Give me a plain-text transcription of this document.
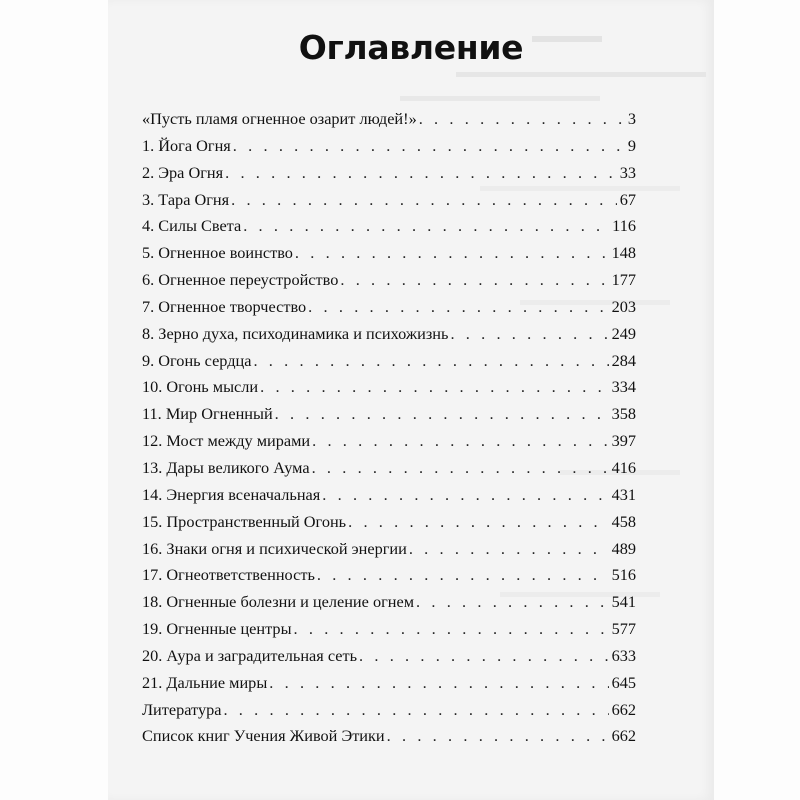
Оглавление
«Пусть пламя огненное озарит людей!» . . .	3
1. Йога Огня . . .	9
2. Эра Огня . . .	33
3. Тара Огня . . .	67
4. Силы Света . . .	116
5. Огненное воинство . . .	148
6. Огненное переустройство . . .	177
7. Огненное творчество . . .	203
8. Зерно духа, психодинамика и психожизнь . . .	249
9. Огонь сердца . . .	284
10. Огонь мысли . . .	334
11. Мир Огненный . . .	358
12. Мост между мирами . . .	397
13. Дары великого Аума . . .	416
14. Энергия всеначальная . . .	431
15. Пространственный Огонь . . .	458
16. Знаки огня и психической энергии . . .	489
17. Огнеответственность . . .	516
18. Огненные болезни и целение огнем . . .	541
19. Огненные центры . . .	577
20. Аура и заградительная сеть . . .	633
21. Дальние миры . . .	645
Литература . . .	662
Список книг Учения Живой Этики . . .	662
